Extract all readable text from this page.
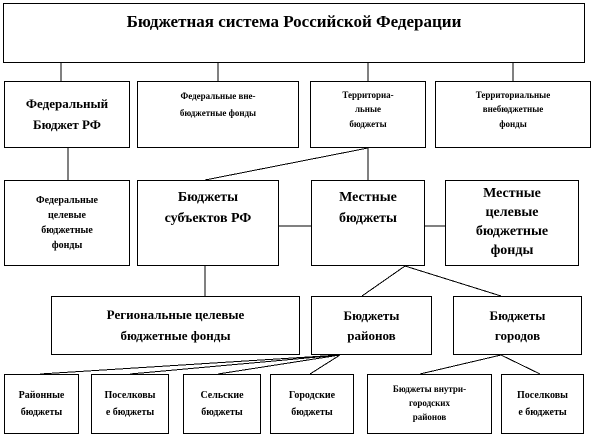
Бюджетная система Российской Федерации
Федеральный
Бюджет РФ
Федеральные вне-
бюджетные фонды
Территориа-
льные
бюджеты
Территориальные
внебюджетные
фонды
Федеральные
целевые
бюджетные
фонды
Бюджеты
субъектов РФ
Местные
бюджеты
Местные
целевые
бюджетные
фонды
Региональные целевые
бюджетные фонды
Бюджеты
районов
Бюджеты
городов
Районные
бюджеты
Поселковы
е бюджеты
Сельские
бюджеты
Городские
бюджеты
Бюджеты внутри-
городских
районов
Поселковы
е бюджеты
